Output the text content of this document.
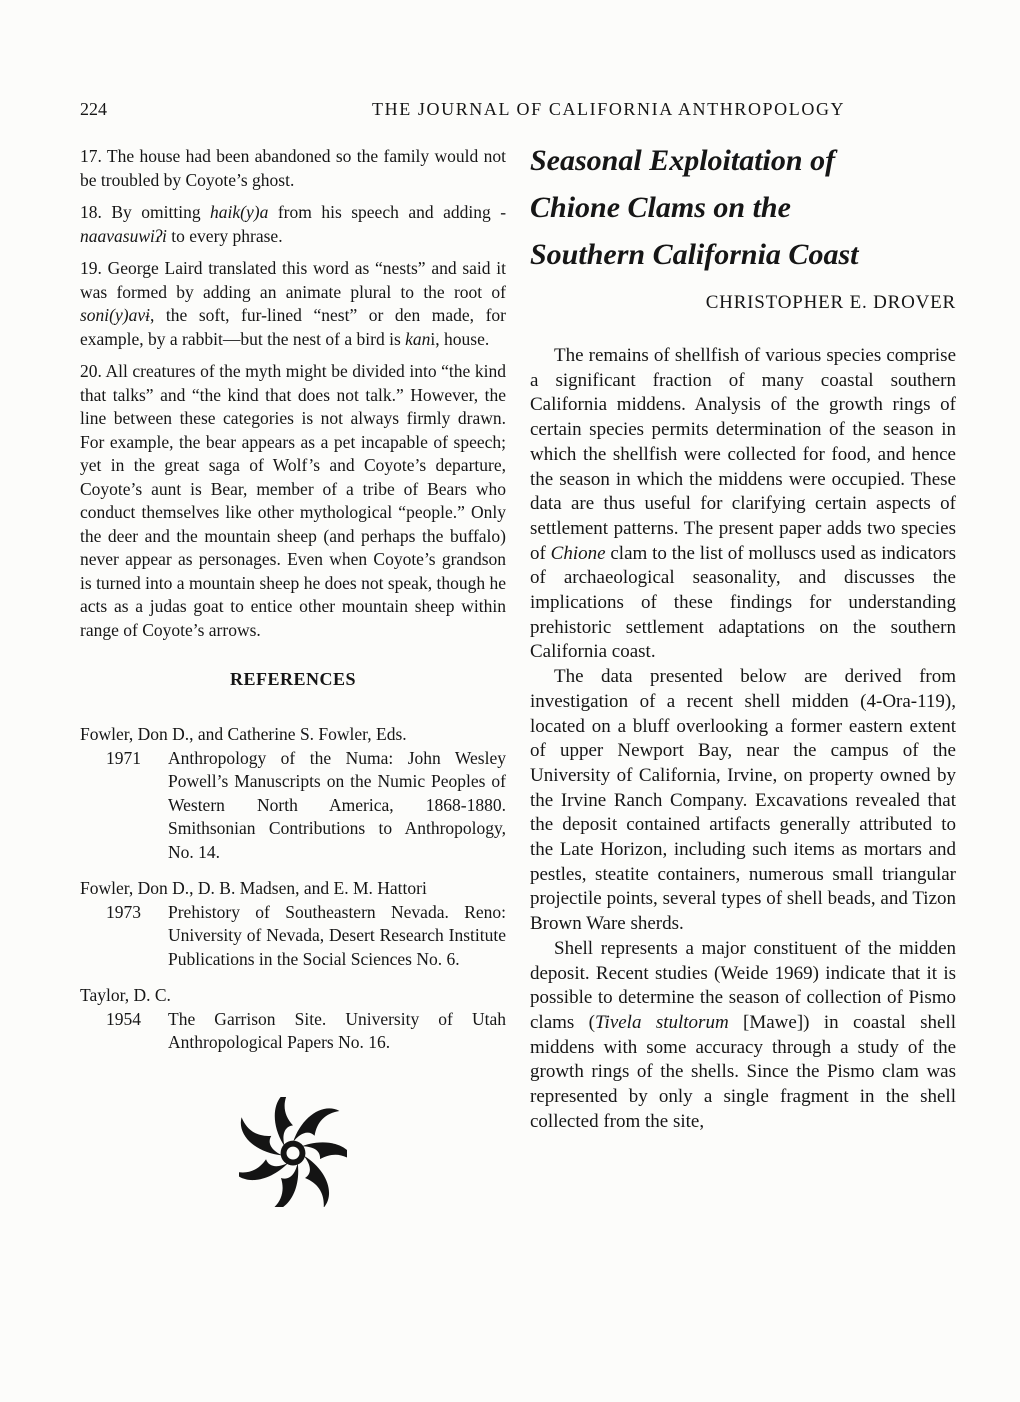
224	THE JOURNAL OF CALIFORNIA ANTHROPOLOGY
17. The house had been abandoned so the family would not be troubled by Coyote’s ghost.
18. By omitting haik(y)a from his speech and adding -naavasuwiʔi to every phrase.
19. George Laird translated this word as “nests” and said it was formed by adding an animate plural to the root of soni(y)avɨ, the soft, fur-lined “nest” or den made, for example, by a rabbit—but the nest of a bird is kani, house.
20. All creatures of the myth might be divided into “the kind that talks” and “the kind that does not talk.” However, the line between these categories is not always firmly drawn. For example, the bear appears as a pet incapable of speech; yet in the great saga of Wolf’s and Coyote’s departure, Coyote’s aunt is Bear, member of a tribe of Bears who conduct themselves like other mythological “people.” Only the deer and the mountain sheep (and perhaps the buffalo) never appear as personages. Even when Coyote’s grandson is turned into a mountain sheep he does not speak, though he acts as a judas goat to entice other mountain sheep within range of Coyote’s arrows.
REFERENCES
Fowler, Don D., and Catherine S. Fowler, Eds.
1971	Anthropology of the Numa: John Wesley Powell’s Manuscripts on the Numic Peoples of Western North America, 1868-1880. Smithsonian Contributions to Anthropology, No. 14.
Fowler, Don D., D. B. Madsen, and E. M. Hattori
1973	Prehistory of Southeastern Nevada. Reno: University of Nevada, Desert Research Institute Publications in the Social Sciences No. 6.
Taylor, D. C.
1954	The Garrison Site. University of Utah Anthropological Papers No. 16.
Seasonal Exploitation of
Chione Clams on the
Southern California Coast
CHRISTOPHER E. DROVER

The remains of shellfish of various species comprise a significant fraction of many coastal southern California middens. Analysis of the growth rings of certain species permits determination of the season in which the shellfish were collected for food, and hence the season in which the middens were occupied. These data are thus useful for clarifying certain aspects of settlement patterns. The present paper adds two species of Chione clam to the list of molluscs used as indicators of archaeological seasonality, and discusses the implications of these findings for understanding prehistoric settlement adaptations on the southern California coast.

The data presented below are derived from investigation of a recent shell midden (4-Ora-119), located on a bluff overlooking a former eastern extent of upper Newport Bay, near the campus of the University of California, Irvine, on property owned by the Irvine Ranch Company. Excavations revealed that the deposit contained artifacts generally attributed to the Late Horizon, including such items as mortars and pestles, steatite containers, numerous small triangular projectile points, several types of shell beads, and Tizon Brown Ware sherds.

Shell represents a major constituent of the midden deposit. Recent studies (Weide 1969) indicate that it is possible to determine the season of collection of Pismo clams (Tivela stultorum [Mawe]) in coastal shell middens with some accuracy through a study of the growth rings of the shells. Since the Pismo clam was represented by only a single fragment in the shell collected from the site,
